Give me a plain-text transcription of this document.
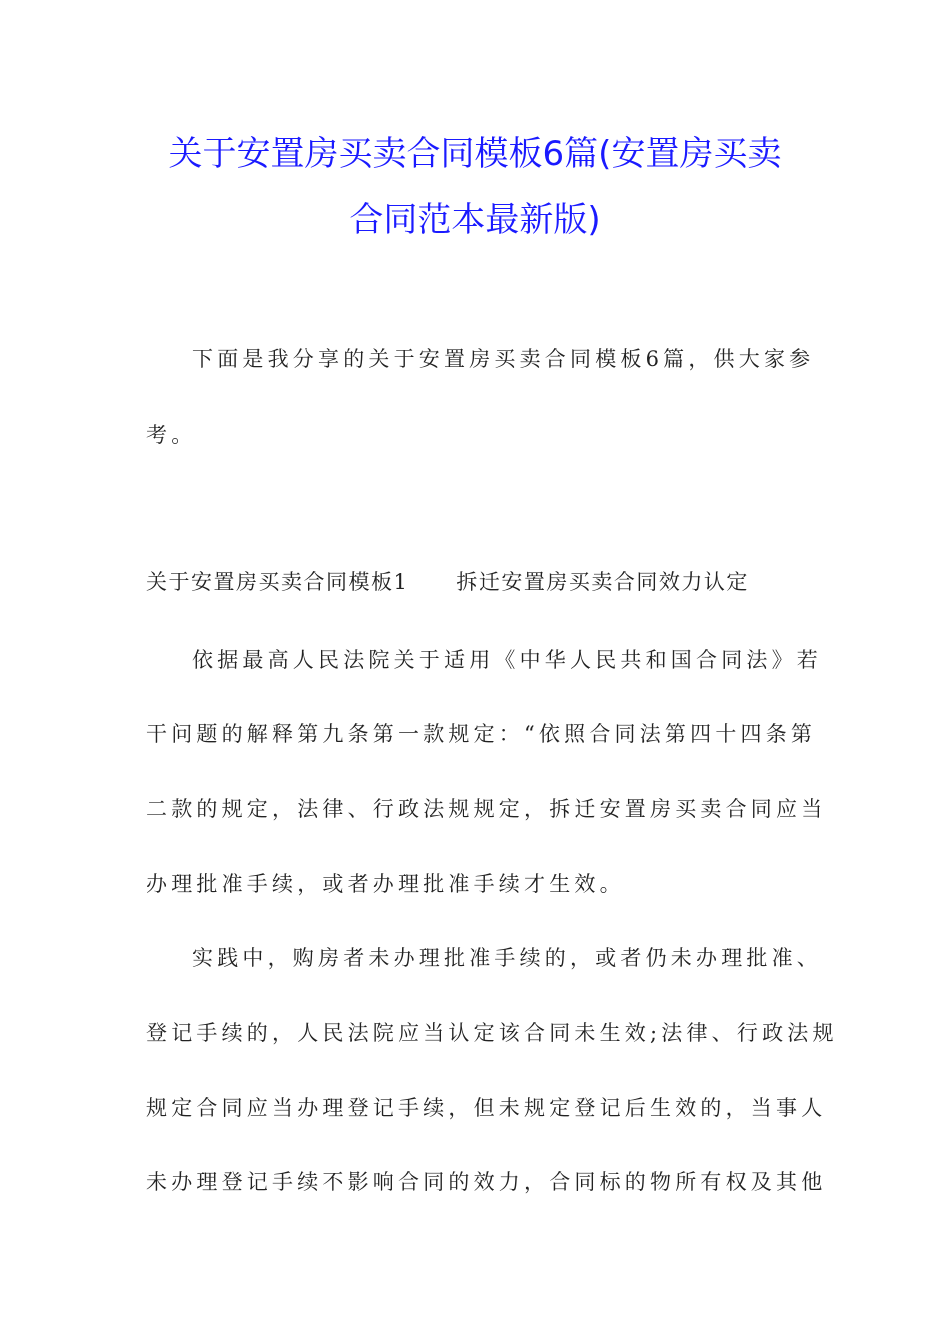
关于安置房买卖合同模板6篇(安置房买卖
合同范本最新版)
下面是我分享的关于安置房买卖合同模板6篇，供大家参
考。
关于安置房买卖合同模板1 拆迁安置房买卖合同效力认定
依据最高人民法院关于适用《中华人民共和国合同法》若
干问题的解释第九条第一款规定：“依照合同法第四十四条第
二款的规定，法律、行政法规规定，拆迁安置房买卖合同应当
办理批准手续，或者办理批准手续才生效。
实践中，购房者未办理批准手续的，或者仍未办理批准、
登记手续的，人民法院应当认定该合同未生效;法律、行政法规
规定合同应当办理登记手续，但未规定登记后生效的，当事人
未办理登记手续不影响合同的效力，合同标的物所有权及其他
